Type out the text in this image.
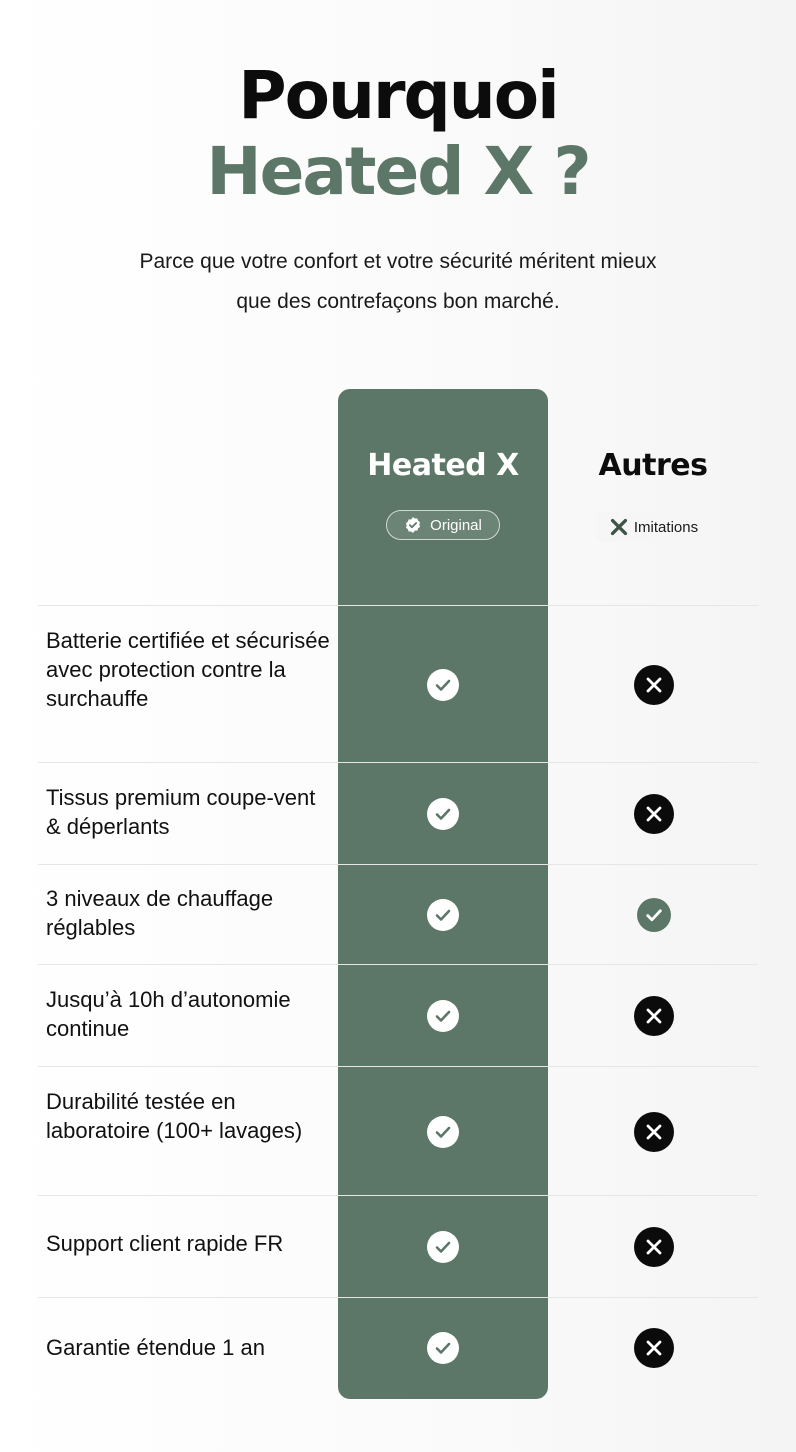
Pourquoi
Heated X ?
Parce que votre confort et votre sécurité méritent mieux
que des contrefaçons bon marché.
Heated X	Autres
Original	Imitations
Batterie certifiée et sécurisée avec protection contre la surchauffe
Tissus premium coupe-vent & déperlants
3 niveaux de chauffage réglables
Jusqu’à 10h d’autonomie continue
Durabilité testée en laboratoire (100+ lavages)
Support client rapide FR
Garantie étendue 1 an
